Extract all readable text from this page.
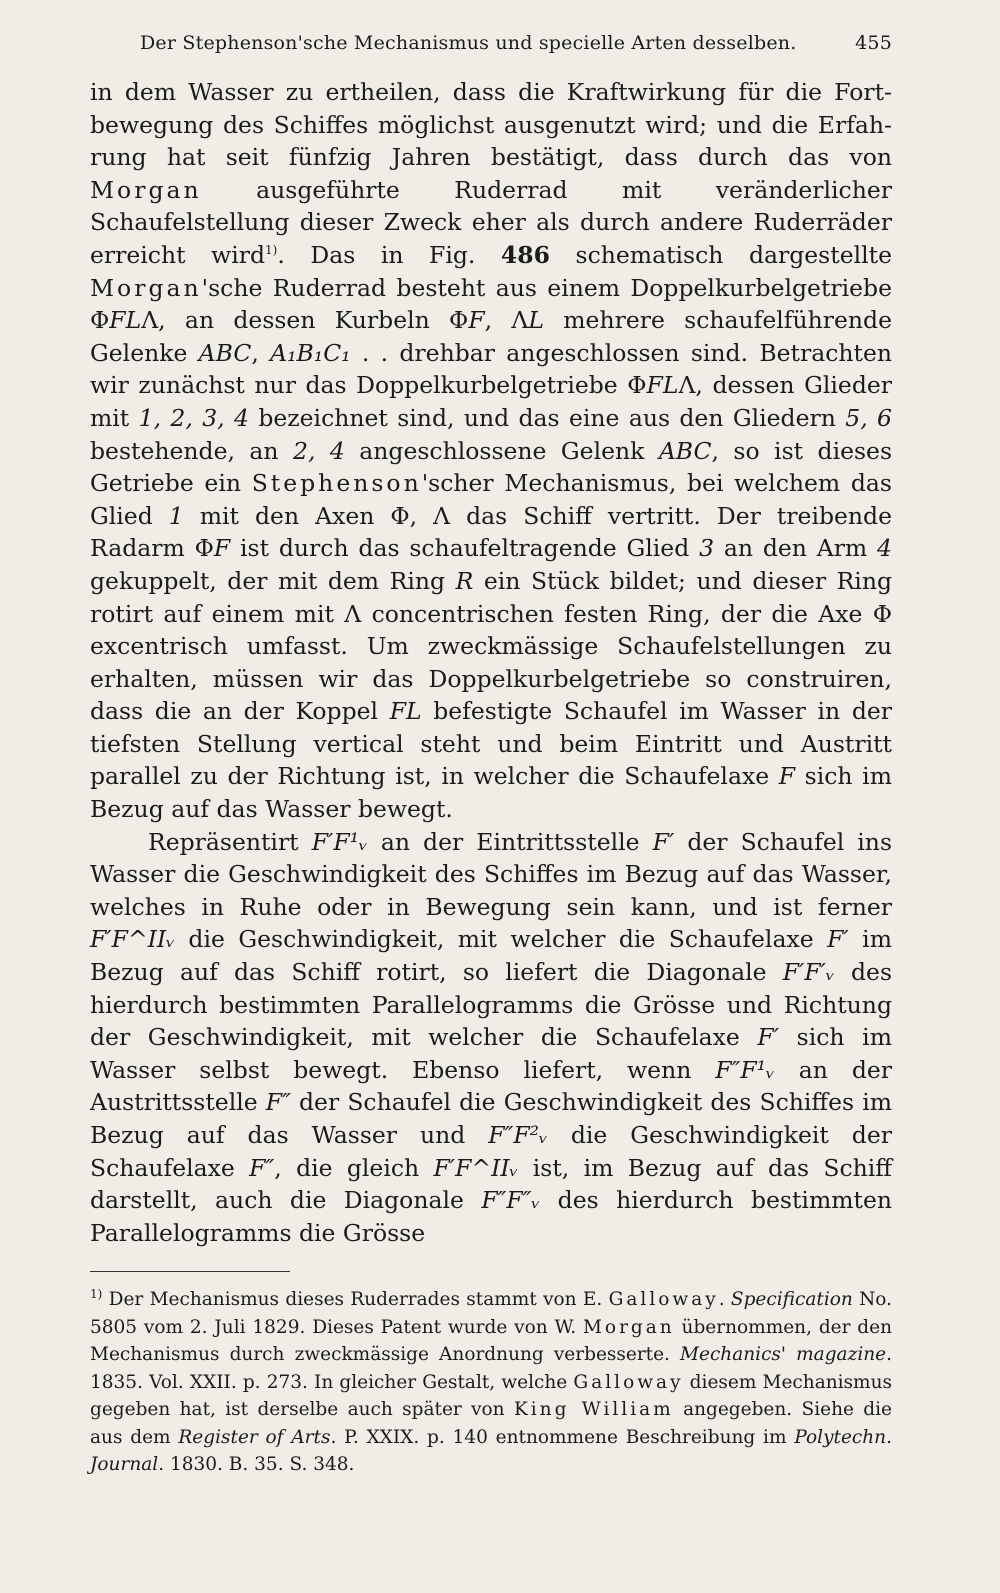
Der Stephenson'sche Mechanismus und specielle Arten desselben.	455

in dem Wasser zu ertheilen, dass die Kraftwirkung für die Fortbewegung des Schiffes möglichst ausgenutzt wird; und die Erfahrung hat seit fünfzig Jahren bestätigt, dass durch das von Morgan ausgeführte Ruderrad mit veränderlicher Schaufelstellung dieser Zweck eher als durch andere Ruderräder erreicht wird$^{1)}$. Das in Fig. 486 schematisch dargestellte Morgan'sche Ruderrad besteht aus einem Doppelkurbelgetriebe ΦFLΛ, an dessen Kurbeln ΦF, ΛL mehrere schaufelführende Gelenke ABC, A₁B₁C₁ . . drehbar angeschlossen sind. Betrachten wir zunächst nur das Doppelkurbelgetriebe ΦFLΛ, dessen Glieder mit 1, 2, 3, 4 bezeichnet sind, und das eine aus den Gliedern 5, 6 bestehende, an 2, 4 angeschlossene Gelenk ABC, so ist dieses Getriebe ein Stephenson'scher Mechanismus, bei welchem das Glied 1 mit den Axen Φ, Λ das Schiff vertritt. Der treibende Radarm ΦF ist durch das schaufeltragende Glied 3 an den Arm 4 gekuppelt, der mit dem Ring R ein Stück bildet; und dieser Ring rotirt auf einem mit Λ concentrischen festen Ring, der die Axe Φ excentrisch umfasst. Um zweckmässige Schaufelstellungen zu erhalten, müssen wir das Doppelkurbelgetriebe so construiren, dass die an der Koppel FL befestigte Schaufel im Wasser in der tiefsten Stellung vertical steht und beim Eintritt und Austritt parallel zu der Richtung ist, in welcher die Schaufelaxe F sich im Bezug auf das Wasser bewegt.

Repräsentirt F′F¹ᵥ an der Eintrittsstelle F′ der Schaufel ins Wasser die Geschwindigkeit des Schiffes im Bezug auf das Wasser, welches in Ruhe oder in Bewegung sein kann, und ist ferner F′F^IIᵥ die Geschwindigkeit, mit welcher die Schaufelaxe F′ im Bezug auf das Schiff rotirt, so liefert die Diagonale F′F′ᵥ des hierdurch bestimmten Parallelogramms die Grösse und Richtung der Geschwindigkeit, mit welcher die Schaufelaxe F′ sich im Wasser selbst bewegt. Ebenso liefert, wenn F″F¹ᵥ an der Austrittsstelle F″ der Schaufel die Geschwindigkeit des Schiffes im Bezug auf das Wasser und F″F²ᵥ die Geschwindigkeit der Schaufelaxe F″, die gleich F′F^IIᵥ ist, im Bezug auf das Schiff darstellt, auch die Diagonale F″F″ᵥ des hierdurch bestimmten Parallelogramms die Grösse

$^{1)}$ Der Mechanismus dieses Ruderrades stammt von E. Galloway. Specification No. 5805 vom 2. Juli 1829. Dieses Patent wurde von W. Morgan übernommen, der den Mechanismus durch zweckmässige Anordnung verbesserte. Mechanics' magazine. 1835. Vol. XXII. p. 273. In gleicher Gestalt, welche Galloway diesem Mechanismus gegeben hat, ist derselbe auch später von King William angegeben. Siehe die aus dem Register of Arts. P. XXIX. p. 140 entnommene Beschreibung im Polytechn. Journal. 1830. B. 35. S. 348.
